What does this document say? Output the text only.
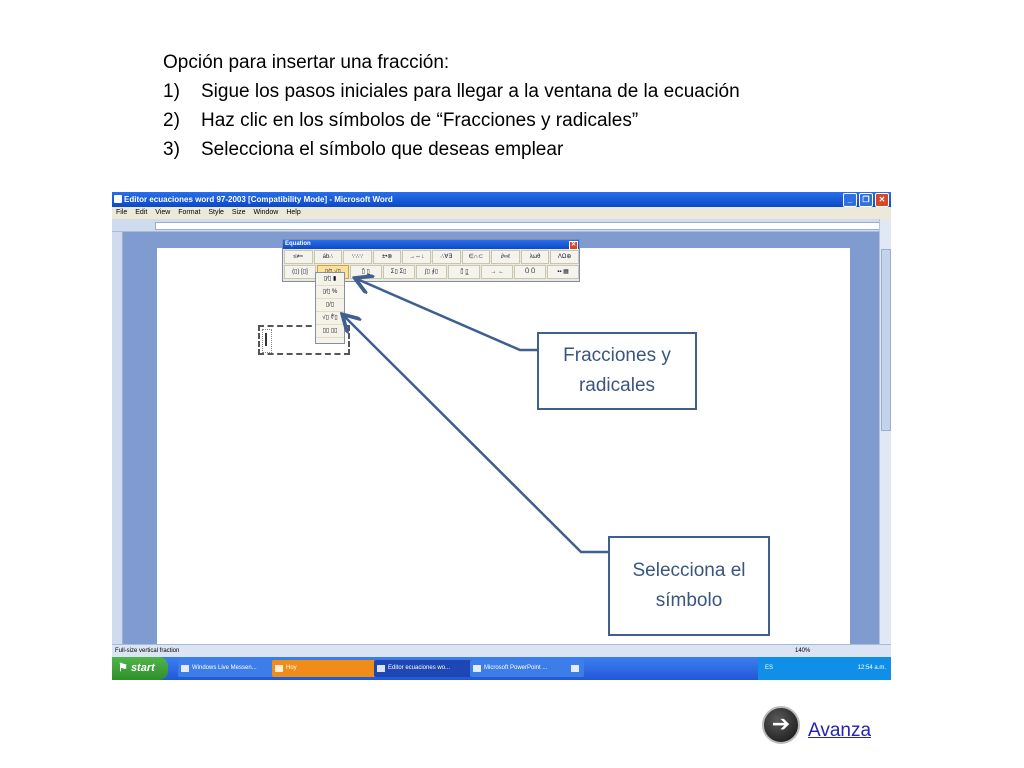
Opción para insertar una fracción:
1)	Sigue los pasos iniciales para llegar a la ventana de la ecuación
2)	Haz clic en los símbolos de “Fracciones y radicales”
3)	Selecciona el símbolo que deseas emplear
Editor ecuaciones word 97-2003 [Compatibility Mode] - Microsoft Word	_	❐	✕
File Edit View Format Style Size Window Help
Equation	✕
≤≠≈	ȧb∴	∵∴∵	±•⊗	→⇔↓	∴∀∃	∈∩⊂	∂∞ℓ	λωθ	ΛΩ⊕
(▯) [▯]	▯̂ ▯̲	Σ▯ Σ▯	∫▯ ∮▯	▯̄ ▯̲	→ ←	Ů Ů	▪▪ ▦
▯⁄▯ ▮
▯⁄▯ %
▯/▯
√▯ ∜▯
▯▯ ▯▯
Full-size vertical fraction	140%
⚑ start	Windows Live Messen...	Hoy	Editor ecuaciones wo...	Microsoft PowerPoint ...	ES	12:54 a.m.
Fracciones y radicales
Selecciona el símbolo
➔ Avanza
